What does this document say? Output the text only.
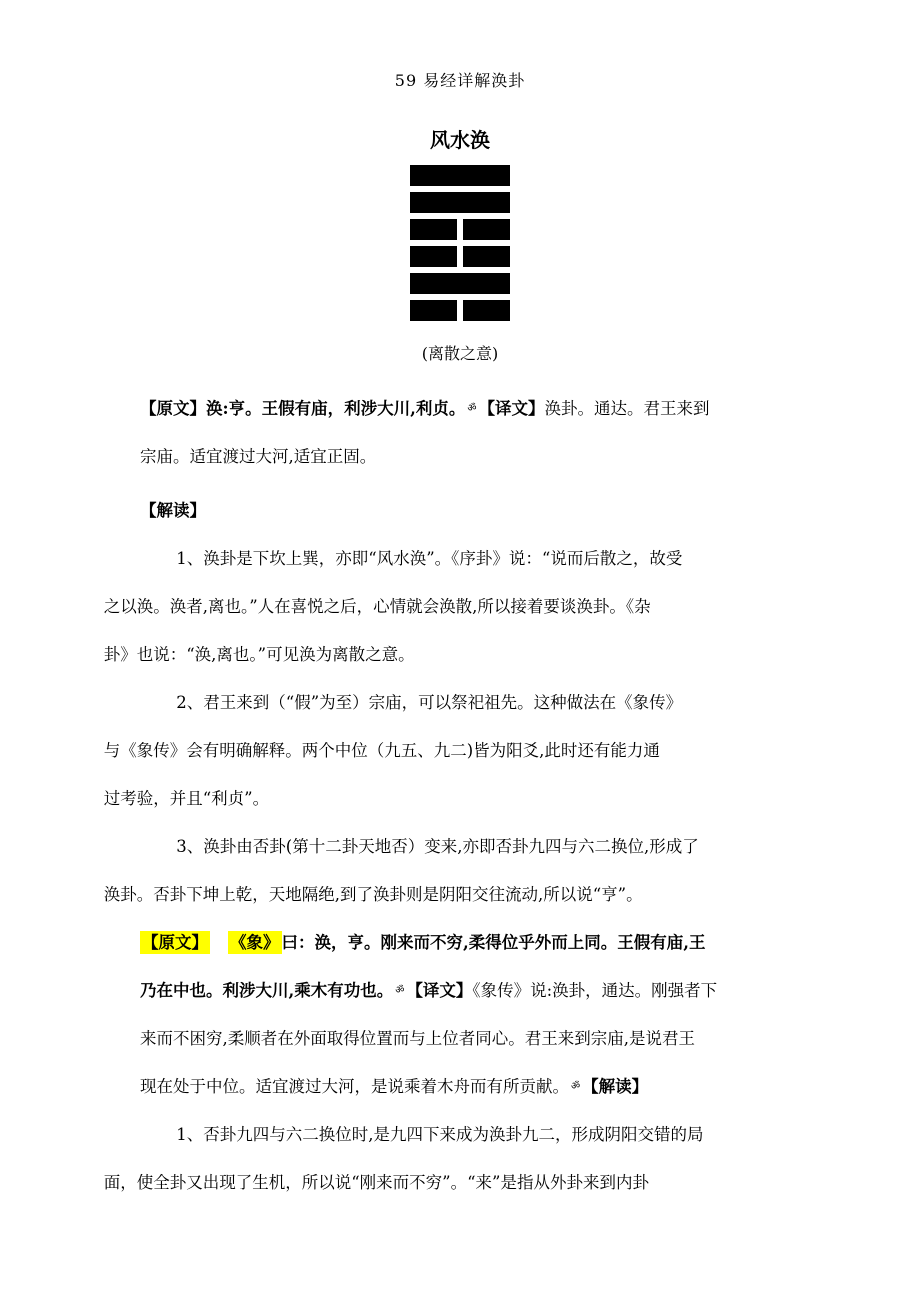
59 易经详解涣卦
风水涣
(离散之意)

【原文】涣:亨。王假有庙，利涉大川,利贞。 ॐ 【译文】涣卦。通达。君王来到
宗庙。适宜渡过大河,适宜正固。

【解读】

1、涣卦是下坎上巽，亦即“风水涣”。《序卦》说：“说而后散之，故受
之以涣。涣者,离也。”人在喜悦之后，心情就会涣散,所以接着要谈涣卦。《杂
卦》也说：“涣,离也。”可见涣为离散之意。

2、君王来到（“假”为至）宗庙，可以祭祀祖先。这种做法在《象传》
与《象传》会有明确解释。两个中位（九五、九二)皆为阳爻,此时还有能力通
过考验，并且“利贞”。

3、涣卦由否卦(第十二卦天地否）变来,亦即否卦九四与六二换位,形成了
涣卦。否卦下坤上乾，天地隔绝,到了涣卦则是阴阳交往流动,所以说“亨”。

【原文】 《象》 曰：涣，亨。刚来而不穷,柔得位乎外而上同。王假有庙,王
乃在中也。利涉大川,乘木有功也。 ॐ 【译文】《象传》说:涣卦，通达。刚强者下
来而不困穷,柔顺者在外面取得位置而与上位者同心。君王来到宗庙,是说君王
现在处于中位。适宜渡过大河，是说乘着木舟而有所贡献。 ॐ 【解读】

1、否卦九四与六二换位时,是九四下来成为涣卦九二，形成阴阳交错的局
面，使全卦又出现了生机，所以说“刚来而不穷”。“来”是指从外卦来到内卦
